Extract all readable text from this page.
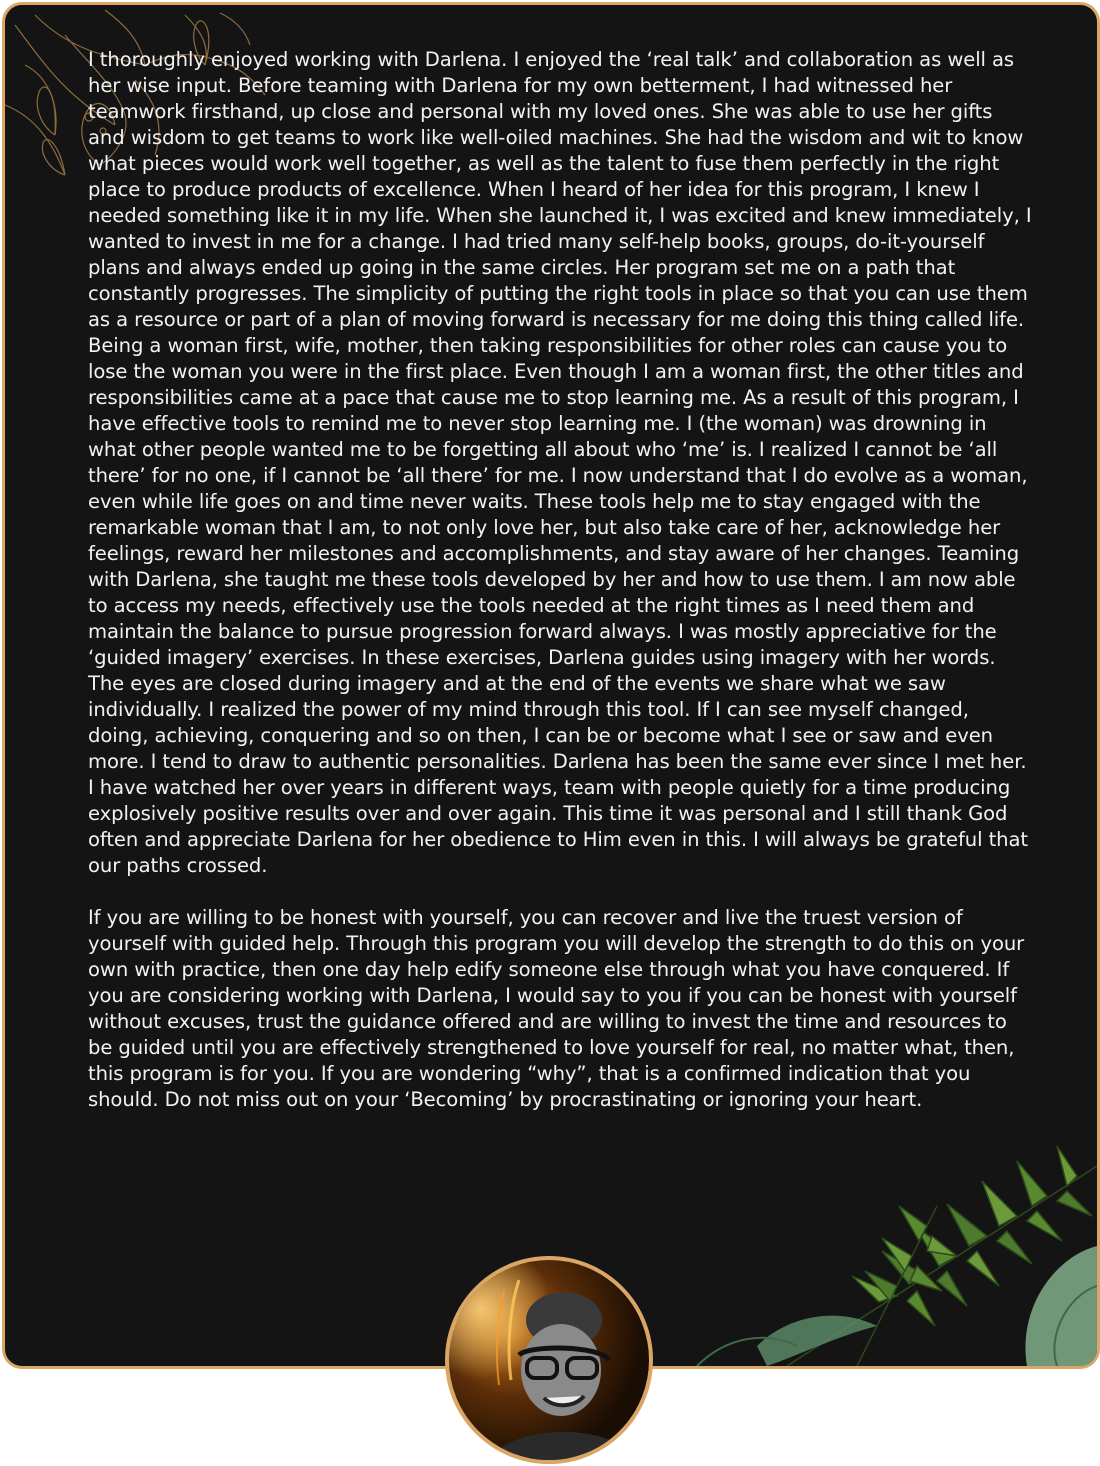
I thoroughly enjoyed working with Darlena. I enjoyed the ‘real talk’ and collaboration as well as her wise input. Before teaming with Darlena for my own betterment, I had witnessed her teamwork firsthand, up close and personal with my loved ones. She was able to use her gifts and wisdom to get teams to work like well-oiled machines. She had the wisdom and wit to know what pieces would work well together, as well as the talent to fuse them perfectly in the right place to produce products of excellence. When I heard of her idea for this program, I knew I needed something like it in my life. When she launched it, I was excited and knew immediately, I wanted to invest in me for a change. I had tried many self-help books, groups, do-it-yourself plans and always ended up going in the same circles. Her program set me on a path that constantly progresses. The simplicity of putting the right tools in place so that you can use them as a resource or part of a plan of moving forward is necessary for me doing this thing called life. Being a woman first, wife, mother, then taking responsibilities for other roles can cause you to lose the woman you were in the first place. Even though I am a woman first, the other titles and responsibilities came at a pace that cause me to stop learning me. As a result of this program, I have effective tools to remind me to never stop learning me. I (the woman) was drowning in what other people wanted me to be forgetting all about who ‘me’ is. I realized I cannot be ‘all there’ for no one, if I cannot be ‘all there’ for me. I now understand that I do evolve as a woman, even while life goes on and time never waits. These tools help me to stay engaged with the remarkable woman that I am, to not only love her, but also take care of her, acknowledge her feelings, reward her milestones and accomplishments, and stay aware of her changes. Teaming with Darlena, she taught me these tools developed by her and how to use them. I am now able to access my needs, effectively use the tools needed at the right times as I need them and maintain the balance to pursue progression forward always. I was mostly appreciative for the ‘guided imagery’ exercises. In these exercises, Darlena guides using imagery with her words. The eyes are closed during imagery and at the end of the events we share what we saw individually. I realized the power of my mind through this tool. If I can see myself changed, doing, achieving, conquering and so on then, I can be or become what I see or saw and even more. I tend to draw to authentic personalities. Darlena has been the same ever since I met her. I have watched her over years in different ways, team with people quietly for a time producing explosively positive results over and over again. This time it was personal and I still thank God often and appreciate Darlena for her obedience to Him even in this. I will always be grateful that our paths crossed.

If you are willing to be honest with yourself, you can recover and live the truest version of yourself with guided help. Through this program you will develop the strength to do this on your own with practice, then one day help edify someone else through what you have conquered. If you are considering working with Darlena, I would say to you if you can be honest with yourself without excuses, trust the guidance offered and are willing to invest the time and resources to be guided until you are effectively strengthened to love yourself for real, no matter what, then, this program is for you. If you are wondering “why”, that is a confirmed indication that you should. Do not miss out on your ‘Becoming’ by procrastinating or ignoring your heart.
